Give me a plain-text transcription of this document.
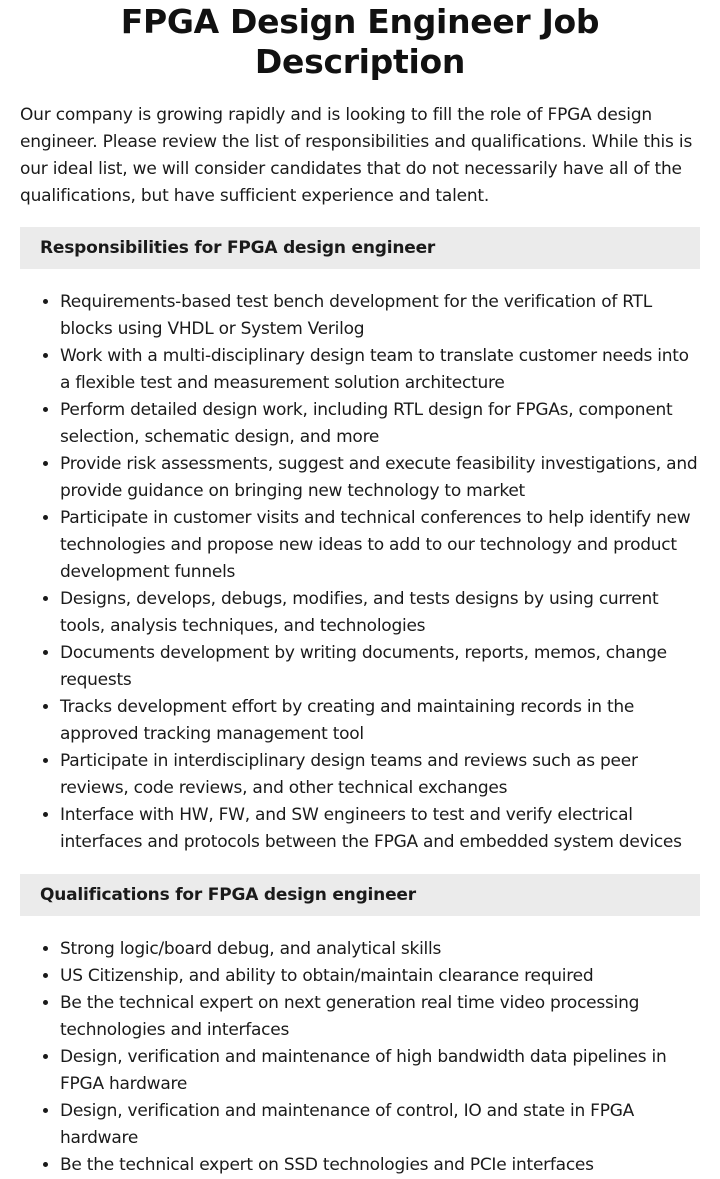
FPGA Design Engineer Job Description

Our company is growing rapidly and is looking to fill the role of FPGA design engineer. Please review the list of responsibilities and qualifications. While this is our ideal list, we will consider candidates that do not necessarily have all of the qualifications, but have sufficient experience and talent.

Responsibilities for FPGA design engineer
• Requirements-based test bench development for the verification of RTL blocks using VHDL or System Verilog
• Work with a multi-disciplinary design team to translate customer needs into a flexible test and measurement solution architecture
• Perform detailed design work, including RTL design for FPGAs, component selection, schematic design, and more
• Provide risk assessments, suggest and execute feasibility investigations, and provide guidance on bringing new technology to market
• Participate in customer visits and technical conferences to help identify new technologies and propose new ideas to add to our technology and product development funnels
• Designs, develops, debugs, modifies, and tests designs by using current tools, analysis techniques, and technologies
• Documents development by writing documents, reports, memos, change requests
• Tracks development effort by creating and maintaining records in the approved tracking management tool
• Participate in interdisciplinary design teams and reviews such as peer reviews, code reviews, and other technical exchanges
• Interface with HW, FW, and SW engineers to test and verify electrical interfaces and protocols between the FPGA and embedded system devices
Qualifications for FPGA design engineer
• Strong logic/board debug, and analytical skills
• US Citizenship, and ability to obtain/maintain clearance required
• Be the technical expert on next generation real time video processing technologies and interfaces
• Design, verification and maintenance of high bandwidth data pipelines in FPGA hardware
• Design, verification and maintenance of control, IO and state in FPGA hardware
• Be the technical expert on SSD technologies and PCIe interfaces
